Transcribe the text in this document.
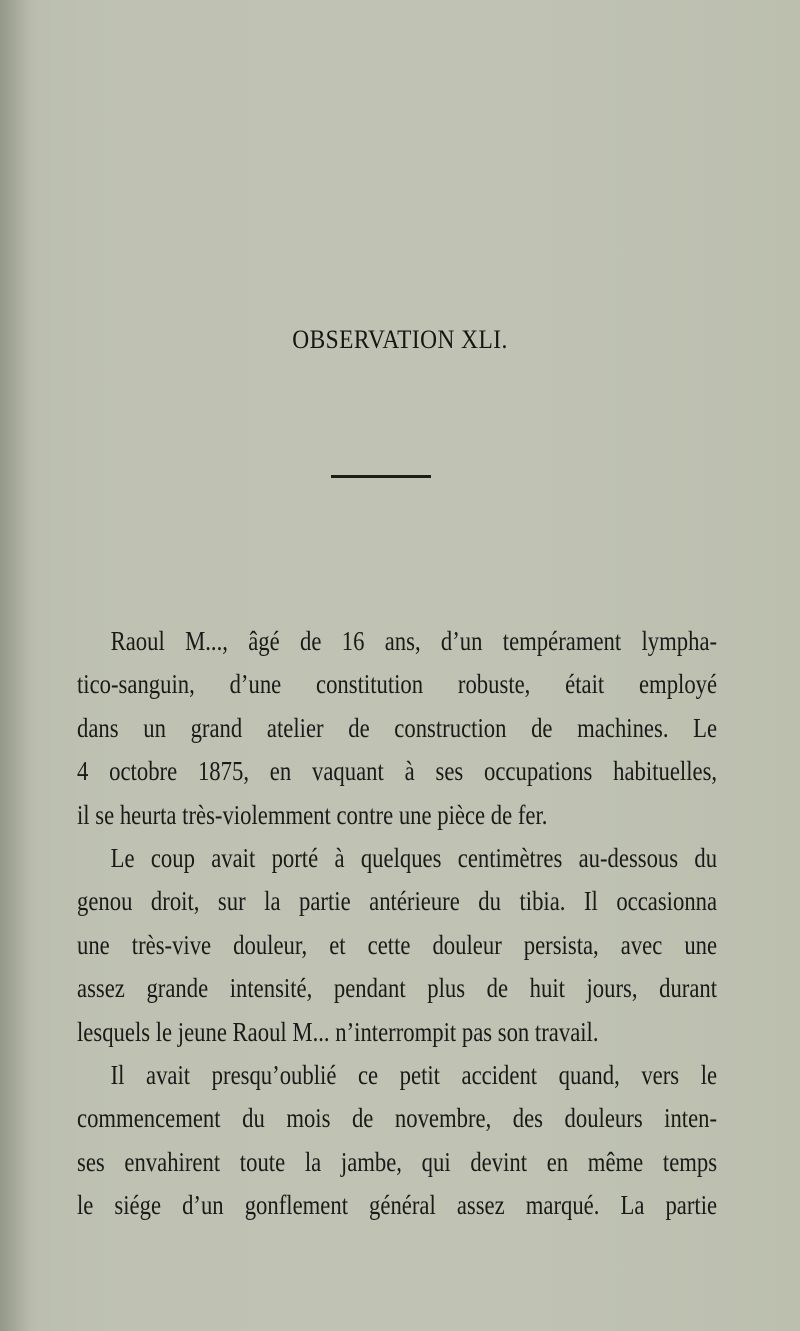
OBSERVATION XLI.
Raoul M..., âgé de 16 ans, d’un tempérament lympha-
tico-sanguin, d’une constitution robuste, était employé
dans un grand atelier de construction de machines. Le
4 octobre 1875, en vaquant à ses occupations habituelles,
il se heurta très-violemment contre une pièce de fer.
Le coup avait porté à quelques centimètres au-dessous du
genou droit, sur la partie antérieure du tibia. Il occasionna
une très-vive douleur, et cette douleur persista, avec une
assez grande intensité, pendant plus de huit jours, durant
lesquels le jeune Raoul M... n’interrompit pas son travail.
Il avait presqu’oublié ce petit accident quand, vers le
commencement du mois de novembre, des douleurs inten-
ses envahirent toute la jambe, qui devint en même temps
le siége d’un gonflement général assez marqué. La partie
